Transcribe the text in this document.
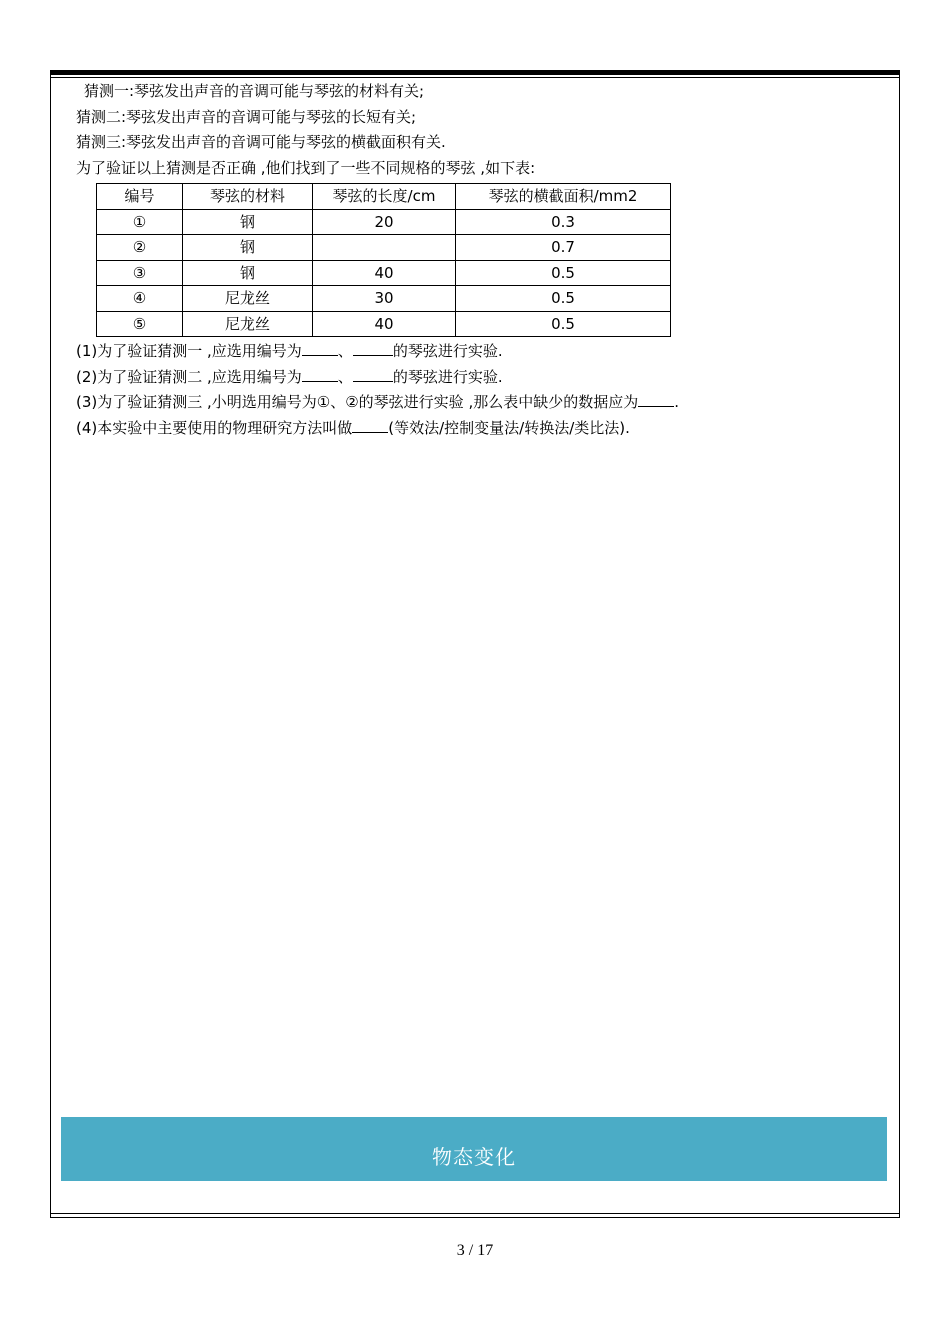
猜测一:琴弦发出声音的音调可能与琴弦的材料有关;
猜测二:琴弦发出声音的音调可能与琴弦的长短有关;
猜测三:琴弦发出声音的音调可能与琴弦的横截面积有关.
为了验证以上猜测是否正确 ,他们找到了一些不同规格的琴弦 ,如下表:
编号	琴弦的材料	琴弦的长度/cm	琴弦的横截面积/mm2
①	钢	20	0.3
②	钢		0.7
③	钢	40	0.5
④	尼龙丝	30	0.5
⑤	尼龙丝	40	0.5
(1)为了验证猜测一 ,应选用编号为 、	的琴弦进行实验.
(2)为了验证猜测二 ,应选用编号为 、	的琴弦进行实验.
(3)为了验证猜测三 ,小明选用编号为①、②的琴弦进行实验 ,那么表中缺少的数据应为 .
(4)本实验中主要使用的物理研究方法叫做 (等效法/控制变量法/转换法/类比法).
物态变化
3 / 17
